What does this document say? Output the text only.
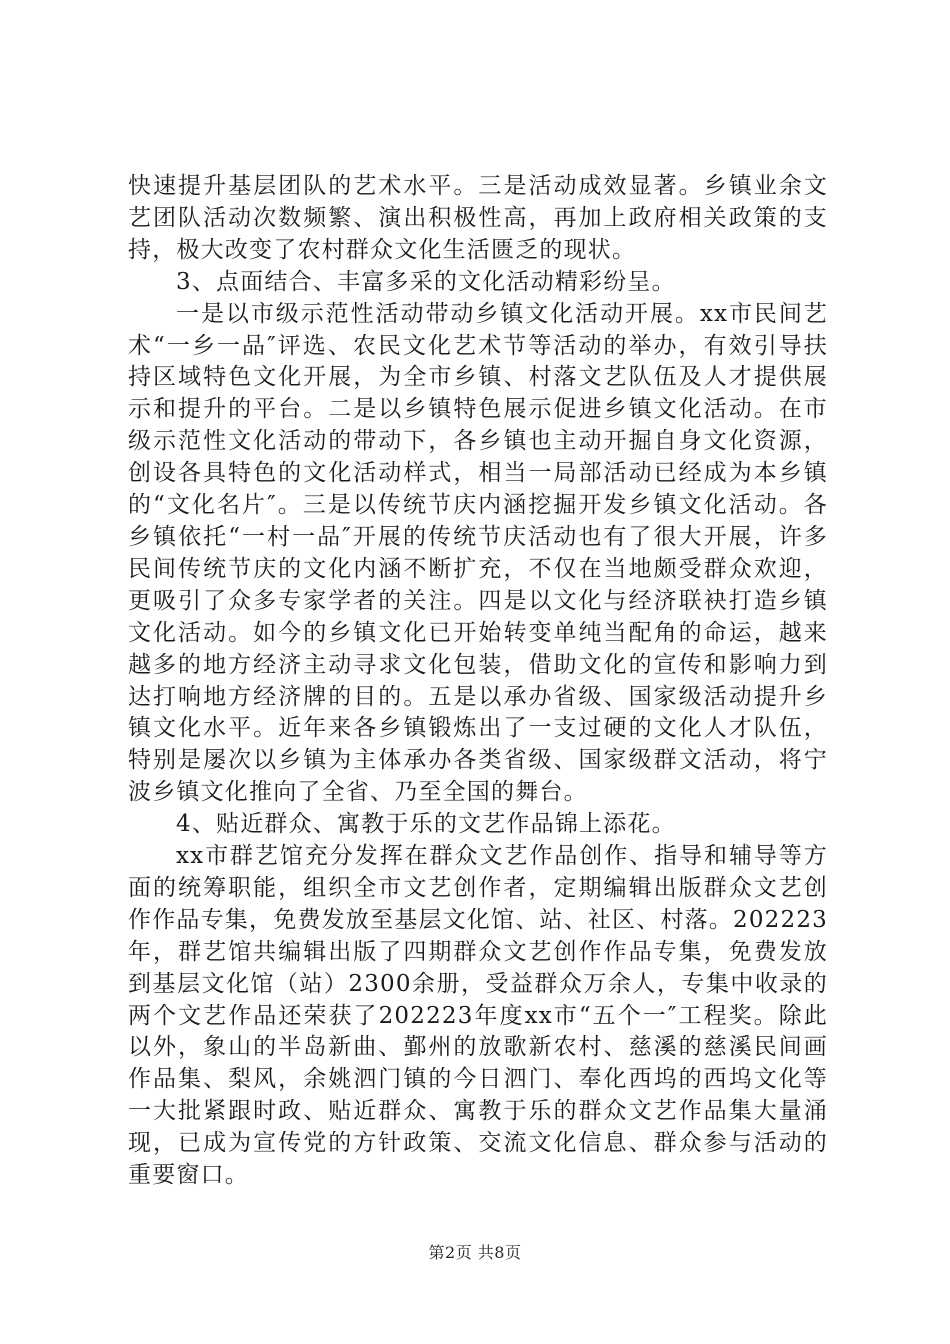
快速提升基层团队的艺术水平。三是活动成效显著。乡镇业余文艺团队活动次数频繁、演出积极性高，再加上政府相关政策的支持，极大改变了农村群众文化生活匮乏的现状。

3、点面结合、丰富多采的文化活动精彩纷呈。

一是以市级示范性活动带动乡镇文化活动开展。xx市民间艺术“一乡一品″评选、农民文化艺术节等活动的举办，有效引导扶持区域特色文化开展，为全市乡镇、村落文艺队伍及人才提供展示和提升的平台。二是以乡镇特色展示促进乡镇文化活动。在市级示范性文化活动的带动下，各乡镇也主动开掘自身文化资源，创设各具特色的文化活动样式，相当一局部活动已经成为本乡镇的“文化名片″。三是以传统节庆内涵挖掘开发乡镇文化活动。各乡镇依托“一村一品″开展的传统节庆活动也有了很大开展，许多民间传统节庆的文化内涵不断扩充，不仅在当地颇受群众欢迎，更吸引了众多专家学者的关注。四是以文化与经济联袂打造乡镇文化活动。如今的乡镇文化已开始转变单纯当配角的命运，越来越多的地方经济主动寻求文化包装，借助文化的宣传和影响力到达打响地方经济牌的目的。五是以承办省级、国家级活动提升乡镇文化水平。近年来各乡镇锻炼出了一支过硬的文化人才队伍，特别是屡次以乡镇为主体承办各类省级、国家级群文活动，将宁波乡镇文化推向了全省、乃至全国的舞台。

4、贴近群众、寓教于乐的文艺作品锦上添花。

xx市群艺馆充分发挥在群众文艺作品创作、指导和辅导等方面的统筹职能，组织全市文艺创作者，定期编辑出版群众文艺创作作品专集，免费发放至基层文化馆、站、社区、村落。202223年，群艺馆共编辑出版了四期群众文艺创作作品专集，免费发放到基层文化馆（站）2300余册，受益群众万余人，专集中收录的两个文艺作品还荣获了202223年度xx市“五个一″工程奖。除此以外，象山的半岛新曲、鄞州的放歌新农村、慈溪的慈溪民间画作品集、梨风，余姚泗门镇的今日泗门、奉化西坞的西坞文化等一大批紧跟时政、贴近群众、寓教于乐的群众文艺作品集大量涌现，已成为宣传党的方针政策、交流文化信息、群众参与活动的重要窗口。

第2页 共8页
